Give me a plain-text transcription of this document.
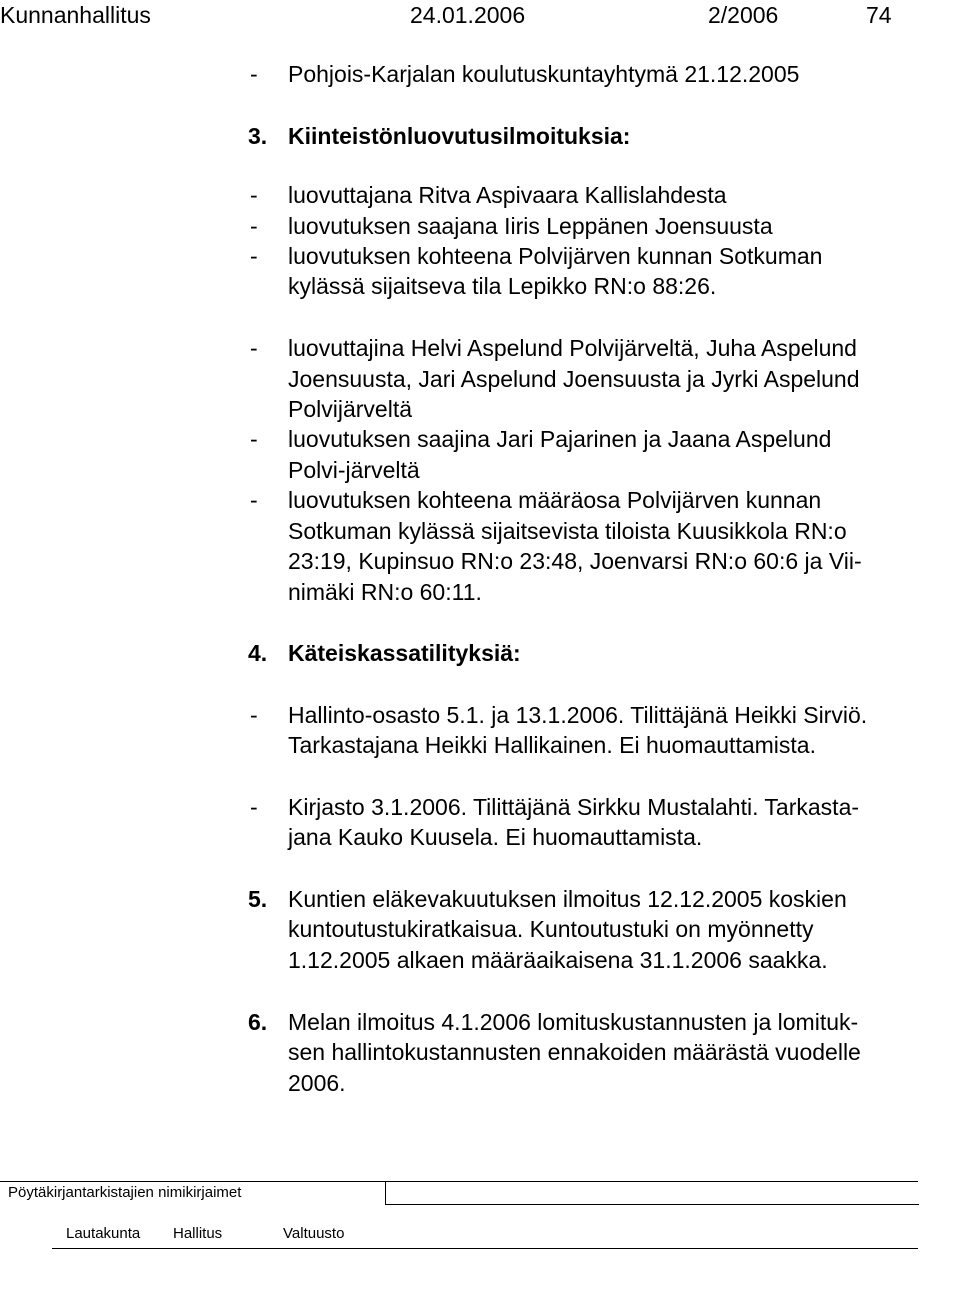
Kunnanhallitus	24.01.2006	2/2006	74
- Pohjois-Karjalan koulutuskuntayhtymä 21.12.2005
3. Kiinteistönluovutusilmoituksia:
- luovuttajana Ritva Aspivaara Kallislahdesta
- luovutuksen saajana Iiris Leppänen Joensuusta
- luovutuksen kohteena Polvijärven kunnan Sotkuman
kylässä sijaitseva tila Lepikko RN:o 88:26.
- luovuttajina Helvi Aspelund Polvijärveltä, Juha Aspelund
Joensuusta, Jari Aspelund Joensuusta ja Jyrki Aspelund
Polvijärveltä
- luovutuksen saajina Jari Pajarinen ja Jaana Aspelund
Polvi-järveltä
- luovutuksen kohteena määräosa Polvijärven kunnan
Sotkuman kylässä sijaitsevista tiloista Kuusikkola RN:o
23:19, Kupinsuo RN:o 23:48, Joenvarsi RN:o 60:6 ja Vii-
nimäki RN:o 60:11.
4. Käteiskassatilityksiä:
- Hallinto-osasto 5.1. ja 13.1.2006. Tilittäjänä Heikki Sirviö.
Tarkastajana Heikki Hallikainen. Ei huomauttamista.
- Kirjasto 3.1.2006. Tilittäjänä Sirkku Mustalahti. Tarkasta-
jana Kauko Kuusela. Ei huomauttamista.
5. Kuntien eläkevakuutuksen ilmoitus 12.12.2005 koskien
kuntoutustukiratkaisua. Kuntoutustuki on myönnetty
1.12.2005 alkaen määräaikaisena 31.1.2006 saakka.
6. Melan ilmoitus 4.1.2006 lomituskustannusten ja lomituk-
sen hallintokustannusten ennakoiden määrästä vuodelle
2006.
Pöytäkirjantarkistajien nimikirjaimet
Lautakunta Hallitus	Valtuusto
